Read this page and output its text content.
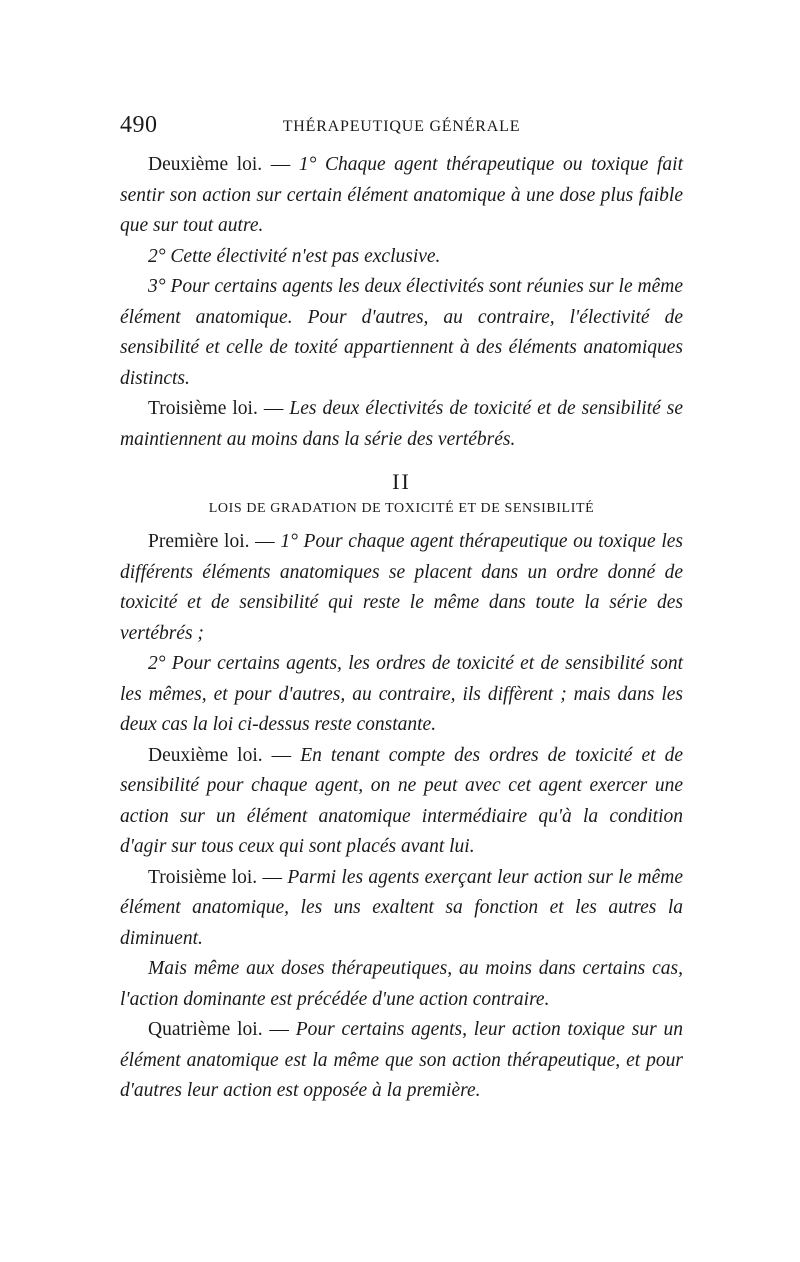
490	THÉRAPEUTIQUE GÉNÉRALE

Deuxième loi. — 1° Chaque agent thérapeutique ou toxique fait sentir son action sur certain élément anatomique à une dose plus faible que sur tout autre.

2° Cette électivité n'est pas exclusive.

3° Pour certains agents les deux électivités sont réunies sur le même élément anatomique. Pour d'autres, au contraire, l'électivité de sensibilité et celle de toxité appartiennent à des éléments anatomiques distincts.

Troisième loi. — Les deux électivités de toxicité et de sensibilité se maintiennent au moins dans la série des vertébrés.

II
LOIS DE GRADATION DE TOXICITÉ ET DE SENSIBILITÉ

Première loi. — 1° Pour chaque agent thérapeutique ou toxique les différents éléments anatomiques se placent dans un ordre donné de toxicité et de sensibilité qui reste le même dans toute la série des vertébrés ;

2° Pour certains agents, les ordres de toxicité et de sensibilité sont les mêmes, et pour d'autres, au contraire, ils diffèrent ; mais dans les deux cas la loi ci-dessus reste constante.

Deuxième loi. — En tenant compte des ordres de toxicité et de sensibilité pour chaque agent, on ne peut avec cet agent exercer une action sur un élément anatomique intermédiaire qu'à la condition d'agir sur tous ceux qui sont placés avant lui.

Troisième loi. — Parmi les agents exerçant leur action sur le même élément anatomique, les uns exaltent sa fonction et les autres la diminuent.

Mais même aux doses thérapeutiques, au moins dans certains cas, l'action dominante est précédée d'une action contraire.

Quatrième loi. — Pour certains agents, leur action toxique sur un élément anatomique est la même que son action thérapeutique, et pour d'autres leur action est opposée à la première.
